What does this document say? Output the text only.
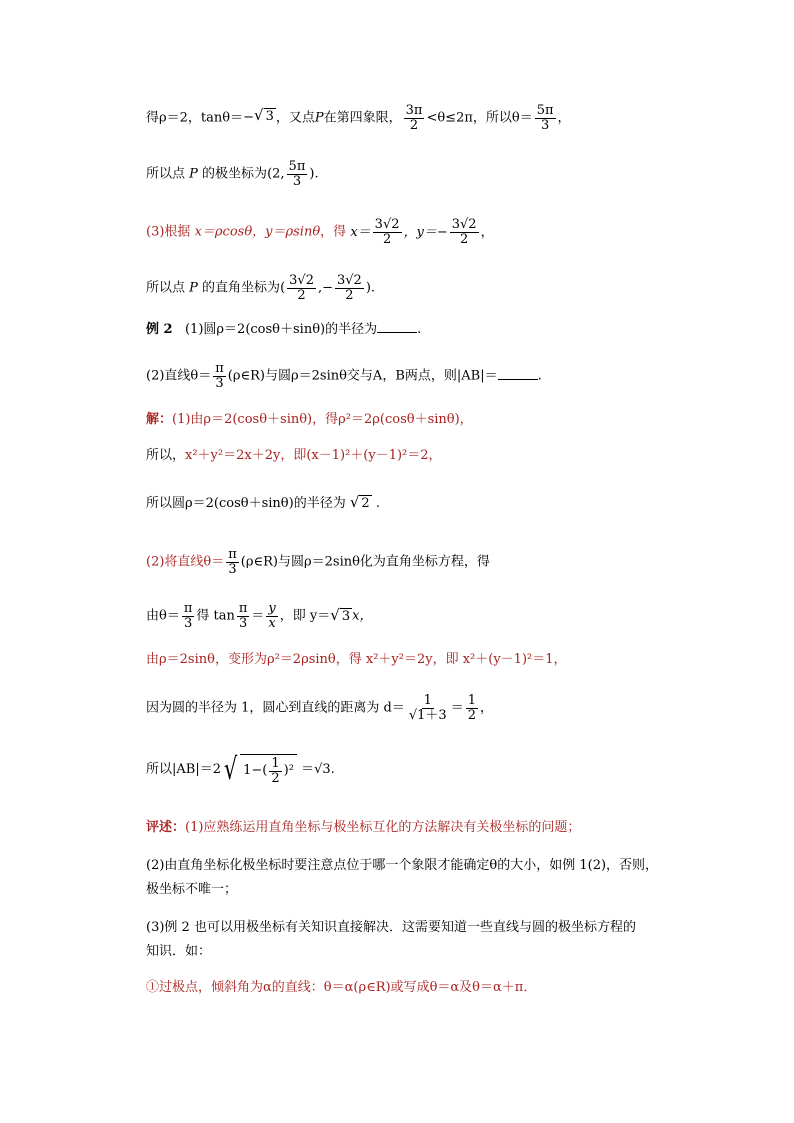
得ρ＝2，tanθ＝− √ 3 ，又点P在第四象限， $\frac{3\pi}{2} <\theta\le 2\pi$，所以$\theta= \frac{5\pi}{3}$ ，
所以点 P 的极坐标为(2, $\frac{5\pi}{3}$ ).
(3)根据 x＝ρcosθ，y＝ρsinθ，得 $x= \frac{3√2}{2}$ ，$y=- \frac{3√2}{2}$ ，
所以点 P 的直角坐标为( $\frac{3√2}{2}$ ,− $\frac{3√2}{2}$ ).
例 2 (1)圆ρ＝2(cosθ＋sinθ)的半径为	.
(2)直线$\theta= \frac{\pi}{3}$ (ρ∈R)与圆ρ＝2sinθ交与A，B两点，则|AB|＝	.
解：(1)由ρ＝2(cosθ＋sinθ)，得ρ²＝2ρ(cosθ＋sinθ)，
所以，x²＋y²＝2x＋2y，即(x－1)²＋(y－1)²＝2，
所以圆ρ＝2(cosθ＋sinθ)的半径为 √ 2 .
(2)将直线$\theta= \frac{\pi}{3}$ (ρ∈R)与圆ρ＝2sinθ化为直角坐标方程，得
由$\theta= \frac{\pi}{3}$ 得 $\tan \frac{\pi}{3} = \frac{y}{x}$ ，即 y＝ √ 3 x，
由ρ＝2sinθ，变形为ρ²＝2ρsinθ，得 x²＋y²＝2y，即 x²＋(y－1)²＝1，
因为圆的半径为 1，圆心到直线的距离为 $d= \frac{1}{√1+3} = \frac{1}{2}$ ，
所以|AB|＝2 √ $1-( \frac{1}{2} )^2 =√3$.
评述：(1)应熟练运用直角坐标与极坐标互化的方法解决有关极坐标的问题；
(2)由直角坐标化极坐标时要注意点位于哪一个象限才能确定θ的大小，如例 1(2)，否则，
极坐标不唯一；
(3)例 2 也可以用极坐标有关知识直接解决．这需要知道一些直线与圆的极坐标方程的
知识．如：
①过极点，倾斜角为α的直线：θ＝α(ρ∈R)或写成θ＝α及θ＝α＋π．
